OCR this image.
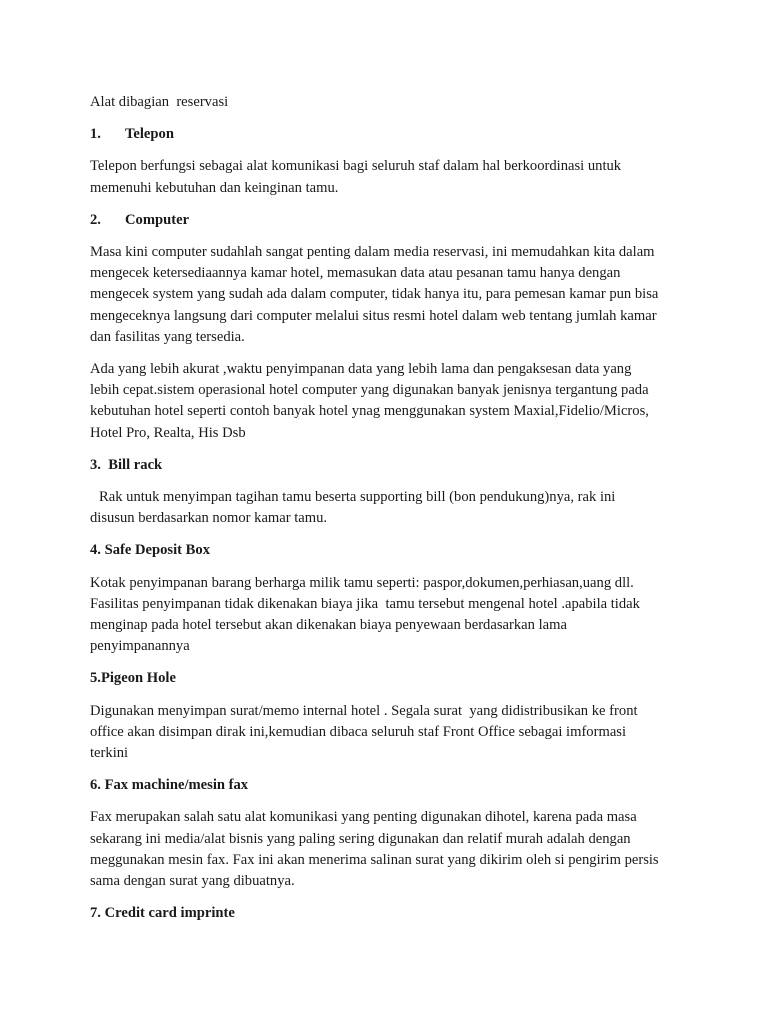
Alat dibagian  reservasi

1. Telepon

Telepon berfungsi sebagai alat komunikasi bagi seluruh staf dalam hal berkoordinasi untuk
memenuhi kebutuhan dan keinginan tamu.

2. Computer

Masa kini computer sudahlah sangat penting dalam media reservasi, ini memudahkan kita dalam
mengecek ketersediaannya kamar hotel, memasukan data atau pesanan tamu hanya dengan
mengecek system yang sudah ada dalam computer, tidak hanya itu, para pemesan kamar pun bisa
mengeceknya langsung dari computer melalui situs resmi hotel dalam web tentang jumlah kamar
dan fasilitas yang tersedia.

Ada yang lebih akurat ,waktu penyimpanan data yang lebih lama dan pengaksesan data yang
lebih cepat.sistem operasional hotel computer yang digunakan banyak jenisnya tergantung pada
kebutuhan hotel seperti contoh banyak hotel ynag menggunakan system Maxial,Fidelio/Micros,
Hotel Pro, Realta, His Dsb

3.  Bill rack

Rak untuk menyimpan tagihan tamu beserta supporting bill (bon pendukung)nya, rak ini
disusun berdasarkan nomor kamar tamu.

4. Safe Deposit Box

Kotak penyimpanan barang berharga milik tamu seperti: paspor,dokumen,perhiasan,uang dll.
Fasilitas penyimpanan tidak dikenakan biaya jika  tamu tersebut mengenal hotel .apabila tidak
menginap pada hotel tersebut akan dikenakan biaya penyewaan berdasarkan lama
penyimpanannya

5.Pigeon Hole

Digunakan menyimpan surat/memo internal hotel . Segala surat  yang didistribusikan ke front
office akan disimpan dirak ini,kemudian dibaca seluruh staf Front Office sebagai imformasi
terkini

6. Fax machine/mesin fax

Fax merupakan salah satu alat komunikasi yang penting digunakan dihotel, karena pada masa
sekarang ini media/alat bisnis yang paling sering digunakan dan relatif murah adalah dengan
meggunakan mesin fax. Fax ini akan menerima salinan surat yang dikirim oleh si pengirim persis
sama dengan surat yang dibuatnya.

7. Credit card imprinte
